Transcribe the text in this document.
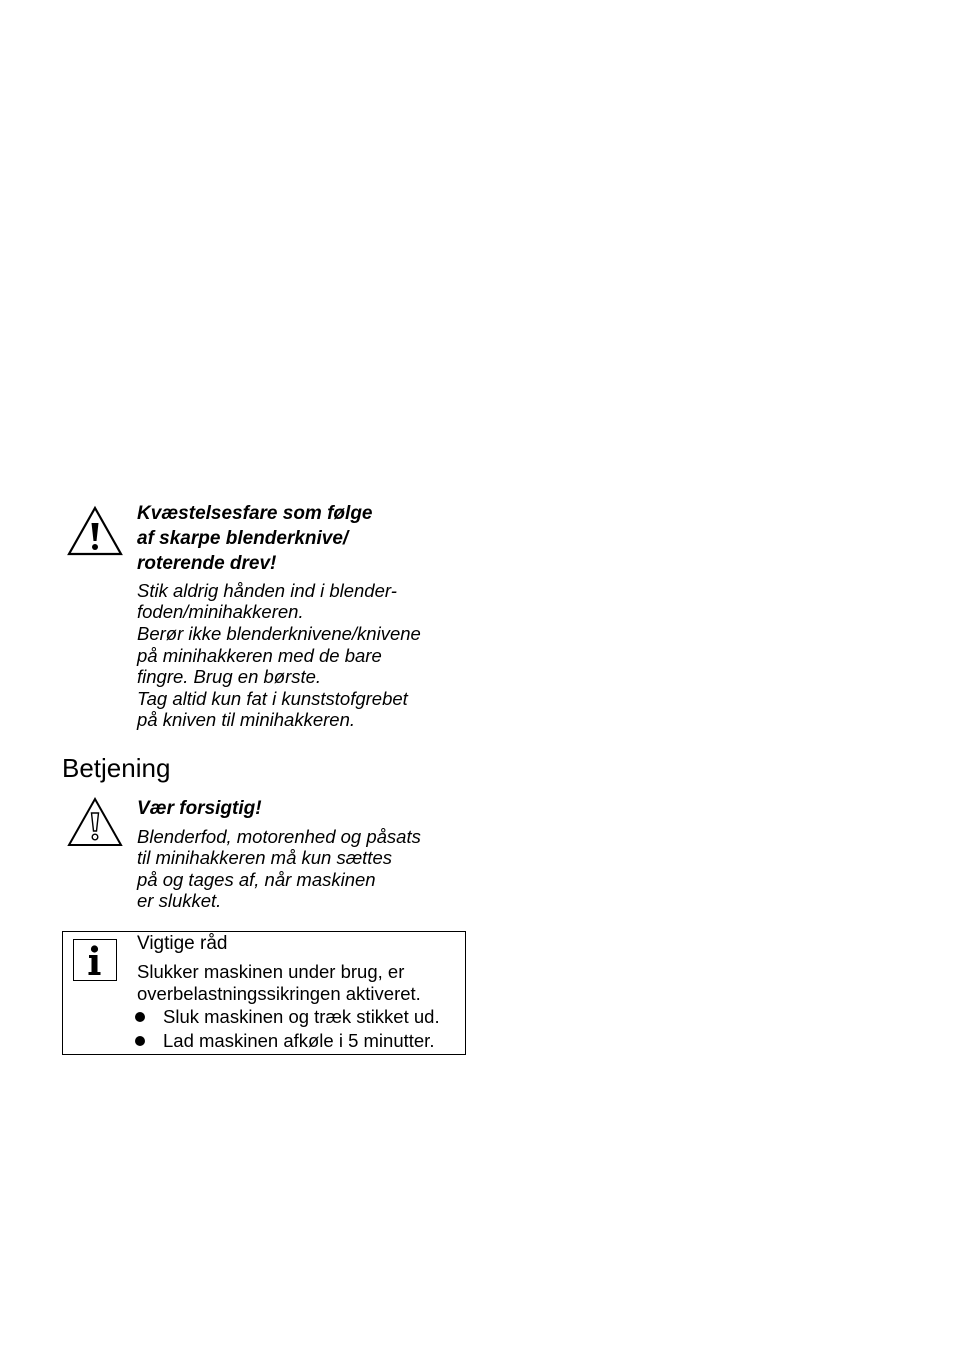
Kvæstelsesfare som følge
af skarpe blenderknive/
roterende drev!
Stik aldrig hånden ind i blender-
foden/minihakkeren.
Berør ikke blenderknivene/knivene
på minihakkeren med de bare
fingre. Brug en børste.
Tag altid kun fat i kunststofgrebet
på kniven til minihakkeren.
Betjening
Vær forsigtig!
Blenderfod, motorenhed og påsats
til minihakkeren må kun sættes
på og tages af, når maskinen
er slukket.
Vigtige råd
Slukker maskinen under brug, er
overbelastningssikringen aktiveret.
Sluk maskinen og træk stikket ud.
Lad maskinen afkøle i 5 minutter.
